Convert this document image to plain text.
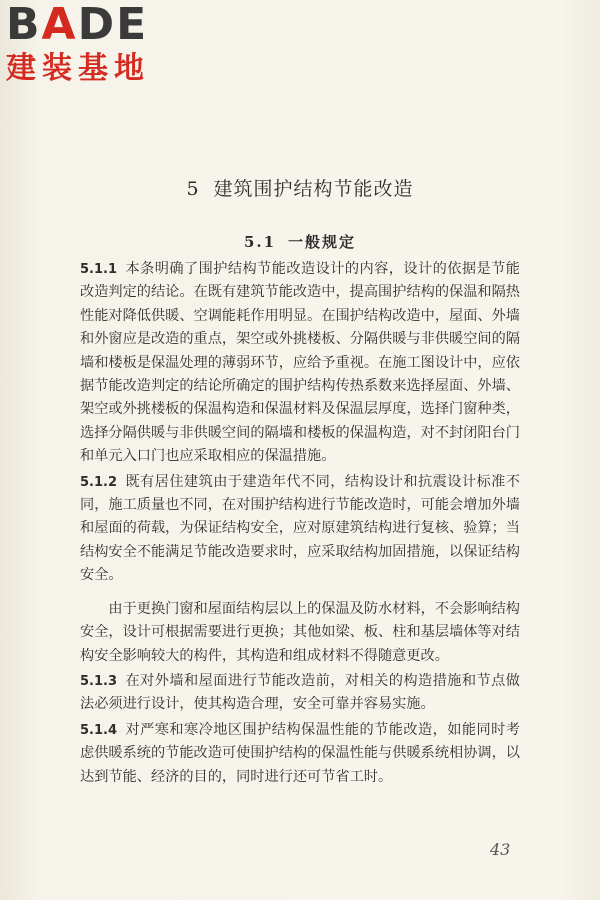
BADE
建装基地
5 建筑围护结构节能改造
5.1 一般规定

5.1.1 本条明确了围护结构节能改造设计的内容，设计的依据是节能改造判定的结论。在既有建筑节能改造中，提高围护结构的保温和隔热性能对降低供暖、空调能耗作用明显。在围护结构改造中，屋面、外墙和外窗应是改造的重点，架空或外挑楼板、分隔供暖与非供暖空间的隔墙和楼板是保温处理的薄弱环节，应给予重视。在施工图设计中，应依据节能改造判定的结论所确定的围护结构传热系数来选择屋面、外墙、架空或外挑楼板的保温构造和保温材料及保温层厚度，选择门窗种类，选择分隔供暖与非供暖空间的隔墙和楼板的保温构造，对不封闭阳台门和单元入口门也应采取相应的保温措施。

5.1.2 既有居住建筑由于建造年代不同，结构设计和抗震设计标准不同，施工质量也不同，在对围护结构进行节能改造时，可能会增加外墙和屋面的荷载，为保证结构安全，应对原建筑结构进行复核、验算；当结构安全不能满足节能改造要求时，应采取结构加固措施，以保证结构安全。

由于更换门窗和屋面结构层以上的保温及防水材料，不会影响结构安全，设计可根据需要进行更换；其他如梁、板、柱和基层墙体等对结构安全影响较大的构件，其构造和组成材料不得随意更改。

5.1.3 在对外墙和屋面进行节能改造前，对相关的构造措施和节点做法必须进行设计，使其构造合理，安全可靠并容易实施。

5.1.4 对严寒和寒冷地区围护结构保温性能的节能改造，如能同时考虑供暖系统的节能改造可使围护结构的保温性能与供暖系统相协调，以达到节能、经济的目的，同时进行还可节省工时。

43
